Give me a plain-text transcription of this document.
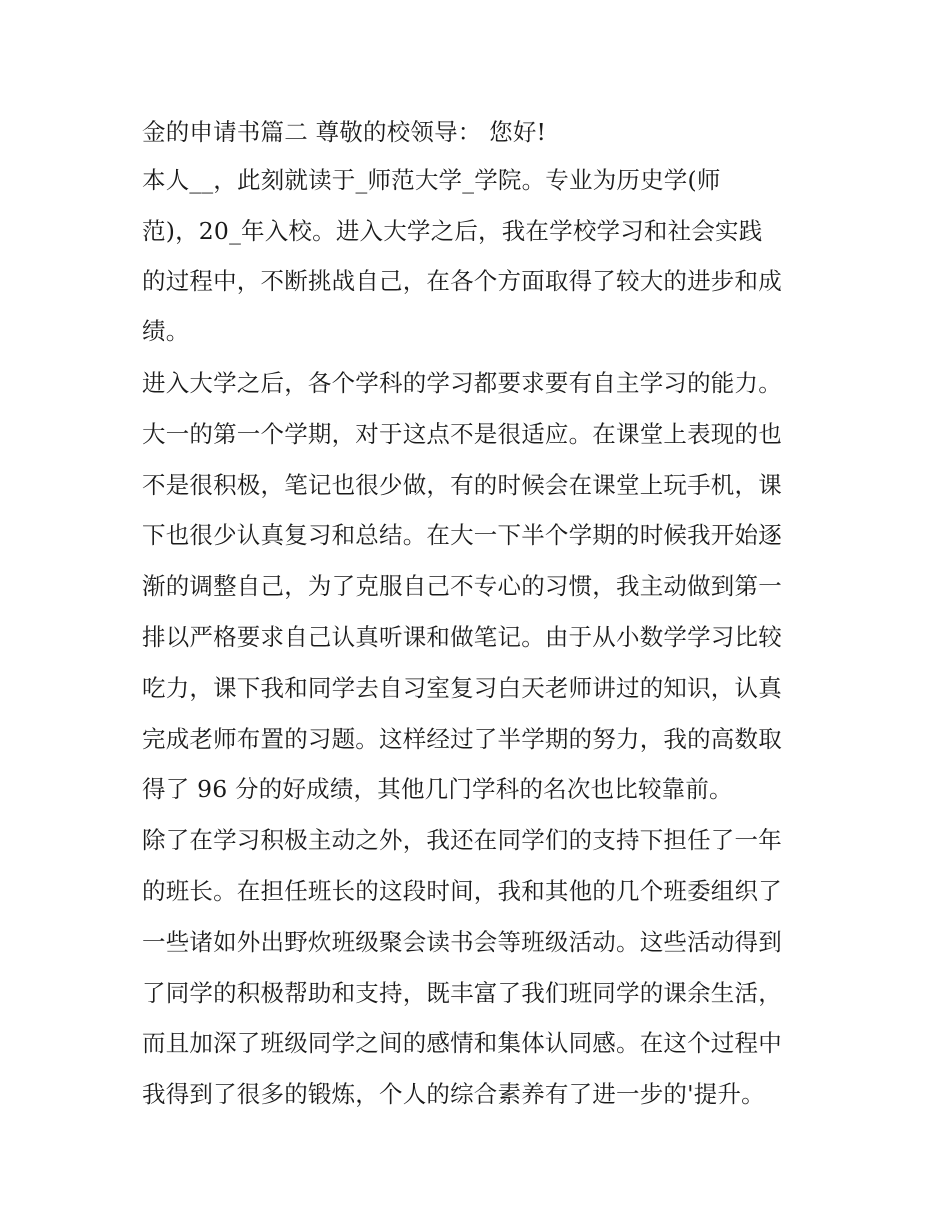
金的申请书篇二 尊敬的校领导： 您好!
本人__，此刻就读于_师范大学_学院。专业为历史学(师
范)，20_年入校。进入大学之后，我在学校学习和社会实践
的过程中，不断挑战自己，在各个方面取得了较大的进步和成
绩。
进入大学之后，各个学科的学习都要求要有自主学习的能力。
大一的第一个学期，对于这点不是很适应。在课堂上表现的也
不是很积极，笔记也很少做，有的时候会在课堂上玩手机，课
下也很少认真复习和总结。在大一下半个学期的时候我开始逐
渐的调整自己，为了克服自己不专心的习惯，我主动做到第一
排以严格要求自己认真听课和做笔记。由于从小数学学习比较
吃力，课下我和同学去自习室复习白天老师讲过的知识，认真
完成老师布置的习题。这样经过了半学期的努力，我的高数取
得了 96 分的好成绩，其他几门学科的名次也比较靠前。
除了在学习积极主动之外，我还在同学们的支持下担任了一年
的班长。在担任班长的这段时间，我和其他的几个班委组织了
一些诸如外出野炊班级聚会读书会等班级活动。这些活动得到
了同学的积极帮助和支持，既丰富了我们班同学的课余生活，
而且加深了班级同学之间的感情和集体认同感。在这个过程中
我得到了很多的锻炼，个人的综合素养有了进一步的'提升。
